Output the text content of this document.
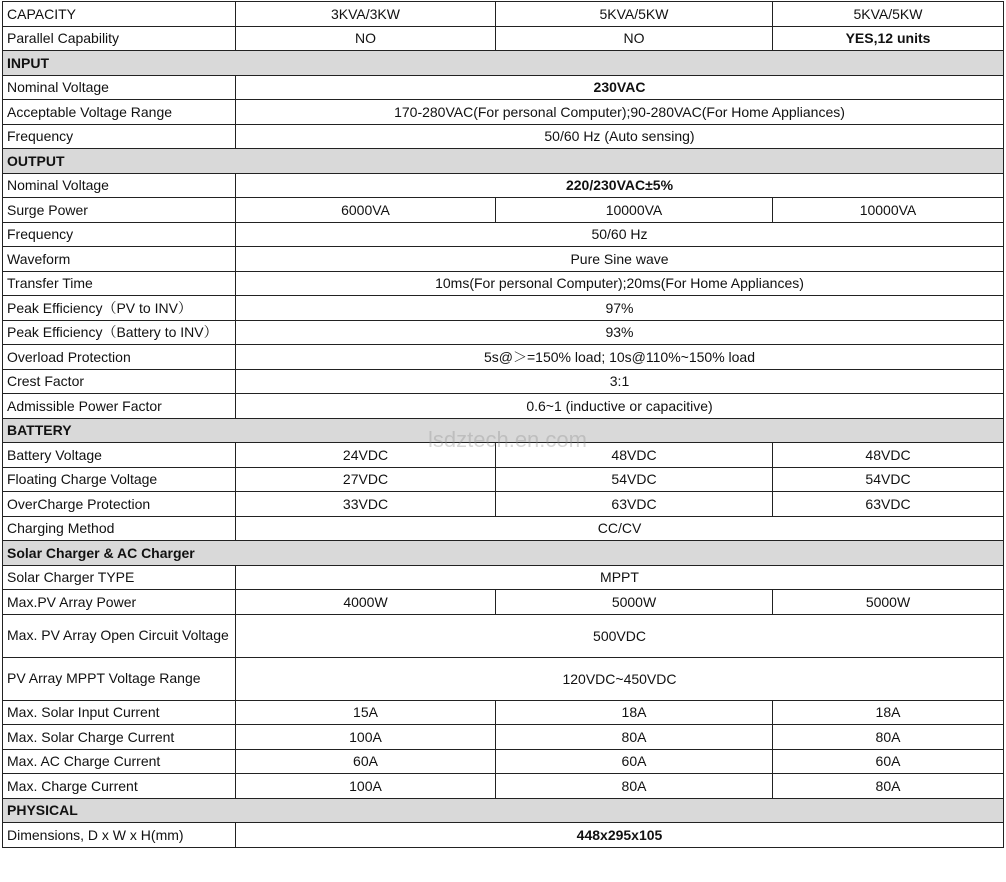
CAPACITY	3KVA/3KW	5KVA/5KW	5KVA/5KW
Parallel Capability	NO	NO	YES,12 units
INPUT			
Nominal Voltage	230VAC		
Acceptable Voltage Range	170-280VAC(For personal Computer);90-280VAC(For Home Appliances)		
Frequency	50/60 Hz (Auto sensing)		
OUTPUT			
Nominal Voltage	220/230VAC±5%		
Surge Power	6000VA	10000VA	10000VA
Frequency	50/60 Hz		
Waveform	Pure Sine wave		
Transfer Time	10ms(For personal Computer);20ms(For Home Appliances)		
Peak Efficiency（PV to INV）	97%		
Peak Efficiency（Battery to INV）	93%		
Overload Protection	5s@＞=150% load; 10s@110%~150% load		
Crest Factor	3:1		
Admissible Power Factor	0.6~1 (inductive or capacitive)		
BATTERY			
Battery Voltage	24VDC	48VDC	48VDC
Floating Charge Voltage	27VDC	54VDC	54VDC
OverCharge Protection	33VDC	63VDC	63VDC
Charging Method	CC/CV		
Solar Charger & AC Charger			
Solar Charger TYPE	MPPT		
Max.PV Array Power	4000W	5000W	5000W
Max. PV Array Open Circuit Voltage	500VDC		
PV Array MPPT Voltage Range	120VDC~450VDC		
Max. Solar Input Current	15A	18A	18A
Max. Solar Charge Current	100A	80A	80A
Max. AC Charge Current	60A	60A	60A
Max. Charge Current	100A	80A	80A
PHYSICAL			
Dimensions, D x W x H(mm)	448x295x105		
lsdztech.en.com
